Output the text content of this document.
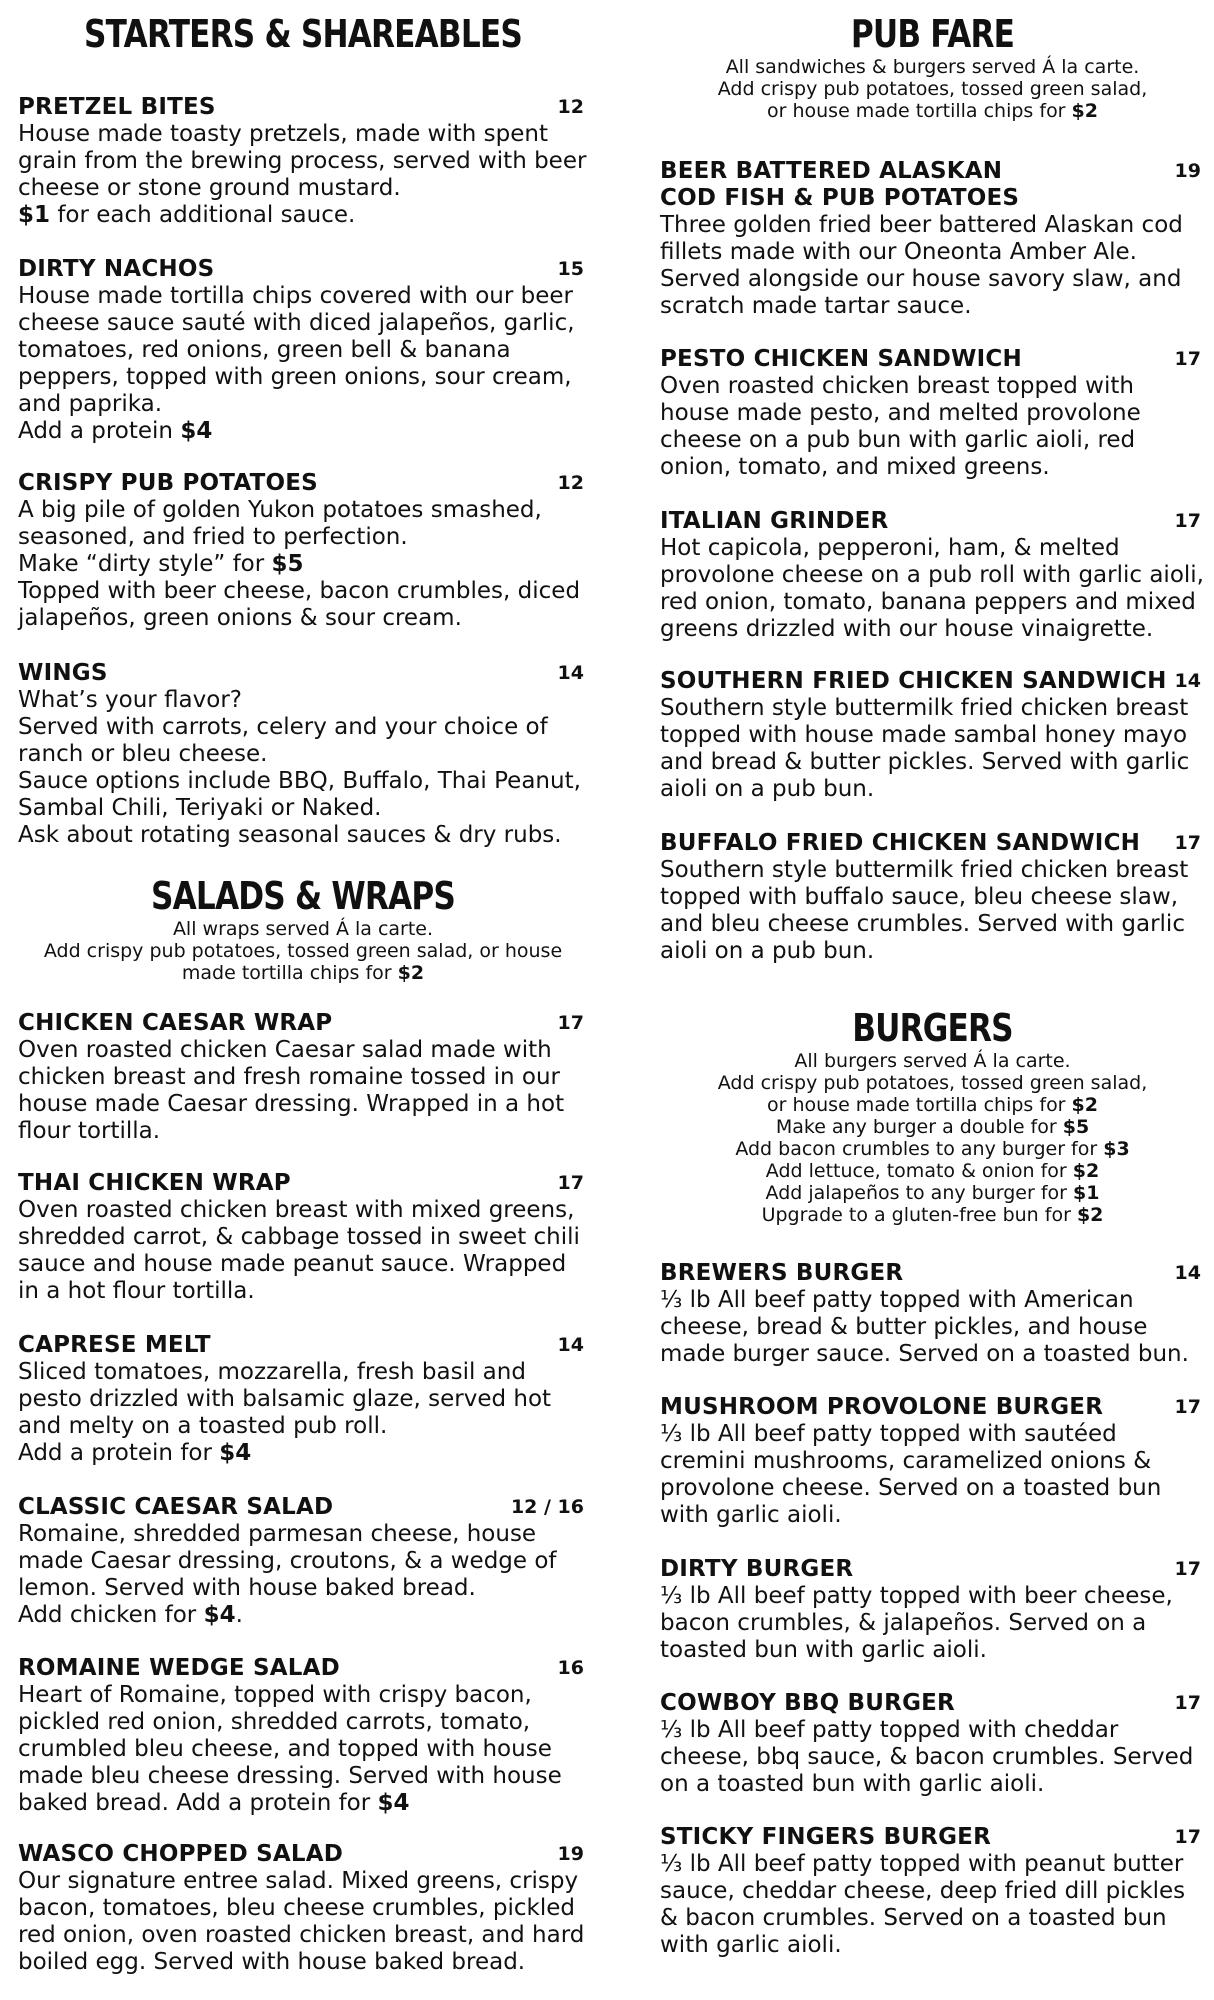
STARTERS & SHAREABLES
PRETZEL BITES	12

House made toasty pretzels, made with spent grain from the brewing process, served with beer cheese or stone ground mustard.

$1 for each additional sauce.

DIRTY NACHOS	15

House made tortilla chips covered with our beer cheese sauce sauté with diced jalapeños, garlic, tomatoes, red onions, green bell & banana peppers, topped with green onions, sour cream, and paprika.

Add a protein $4

CRISPY PUB POTATOES	12

A big pile of golden Yukon potatoes smashed, seasoned, and fried to perfection.

Make “dirty style” for $5

Topped with beer cheese, bacon crumbles, diced jalapeños, green onions & sour cream.

WINGS	14

What’s your flavor?

Served with carrots, celery and your choice of ranch or bleu cheese.

Sauce options include BBQ, Buffalo, Thai Peanut, Sambal Chili, Teriyaki or Naked.

Ask about rotating seasonal sauces & dry rubs.

SALADS & WRAPS

All wraps served Á la carte.

Add crispy pub potatoes, tossed green salad, or house made tortilla chips for $2

CHICKEN CAESAR WRAP	17

Oven roasted chicken Caesar salad made with chicken breast and fresh romaine tossed in our house made Caesar dressing. Wrapped in a hot flour tortilla.

THAI CHICKEN WRAP	17

Oven roasted chicken breast with mixed greens, shredded carrot, & cabbage tossed in sweet chili sauce and house made peanut sauce. Wrapped in a hot flour tortilla.

CAPRESE MELT	14

Sliced tomatoes, mozzarella, fresh basil and pesto drizzled with balsamic glaze, served hot and melty on a toasted pub roll.

Add a protein for $4

CLASSIC CAESAR SALAD	12 / 16

Romaine, shredded parmesan cheese, house made Caesar dressing, croutons, & a wedge of lemon. Served with house baked bread.

Add chicken for $4.

ROMAINE WEDGE SALAD	16

Heart of Romaine, topped with crispy bacon, pickled red onion, shredded carrots, tomato, crumbled bleu cheese, and topped with house made bleu cheese dressing. Served with house baked bread. Add a protein for $4

WASCO CHOPPED SALAD	19

Our signature entree salad. Mixed greens, crispy bacon, tomatoes, bleu cheese crumbles, pickled red onion, oven roasted chicken breast, and hard boiled egg. Served with house baked bread.

PUB FARE

All sandwiches & burgers served Á la carte.

Add crispy pub potatoes, tossed green salad,

or house made tortilla chips for $2

BEER BATTERED ALASKAN COD FISH & PUB POTATOES
19

Three golden fried beer battered Alaskan cod fillets made with our Oneonta Amber Ale. Served alongside our house savory slaw, and scratch made tartar sauce.

PESTO CHICKEN SANDWICH	17

Oven roasted chicken breast topped with house made pesto, and melted provolone cheese on a pub bun with garlic aioli, red onion, tomato, and mixed greens.

ITALIAN GRINDER	17

Hot capicola, pepperoni, ham, & melted provolone cheese on a pub roll with garlic aioli, red onion, tomato, banana peppers and mixed greens drizzled with our house vinaigrette.

SOUTHERN FRIED CHICKEN SANDWICH 14

Southern style buttermilk fried chicken breast topped with house made sambal honey mayo and bread & butter pickles. Served with garlic aioli on a pub bun.

BUFFALO FRIED CHICKEN SANDWICH 17

Southern style buttermilk fried chicken breast topped with buffalo sauce, bleu cheese slaw, and bleu cheese crumbles. Served with garlic aioli on a pub bun.

BURGERS

All burgers served Á la carte.

Add crispy pub potatoes, tossed green salad,

or house made tortilla chips for $2

Make any burger a double for $5

Add bacon crumbles to any burger for $3

Add lettuce, tomato & onion for $2

Add jalapeños to any burger for $1

Upgrade to a gluten-free bun for $2

BREWERS BURGER	14

⅓ lb All beef patty topped with American cheese, bread & butter pickles, and house made burger sauce. Served on a toasted bun.

MUSHROOM PROVOLONE BURGER	17

⅓ lb All beef patty topped with sautéed cremini mushrooms, caramelized onions & provolone cheese. Served on a toasted bun with garlic aioli.

DIRTY BURGER	17

⅓ lb All beef patty topped with beer cheese, bacon crumbles, & jalapeños. Served on a toasted bun with garlic aioli.

COWBOY BBQ BURGER	17

⅓ lb All beef patty topped with cheddar cheese, bbq sauce, & bacon crumbles. Served on a toasted bun with garlic aioli.

STICKY FINGERS BURGER	17

⅓ lb All beef patty topped with peanut butter sauce, cheddar cheese, deep fried dill pickles & bacon crumbles. Served on a toasted bun with garlic aioli.
